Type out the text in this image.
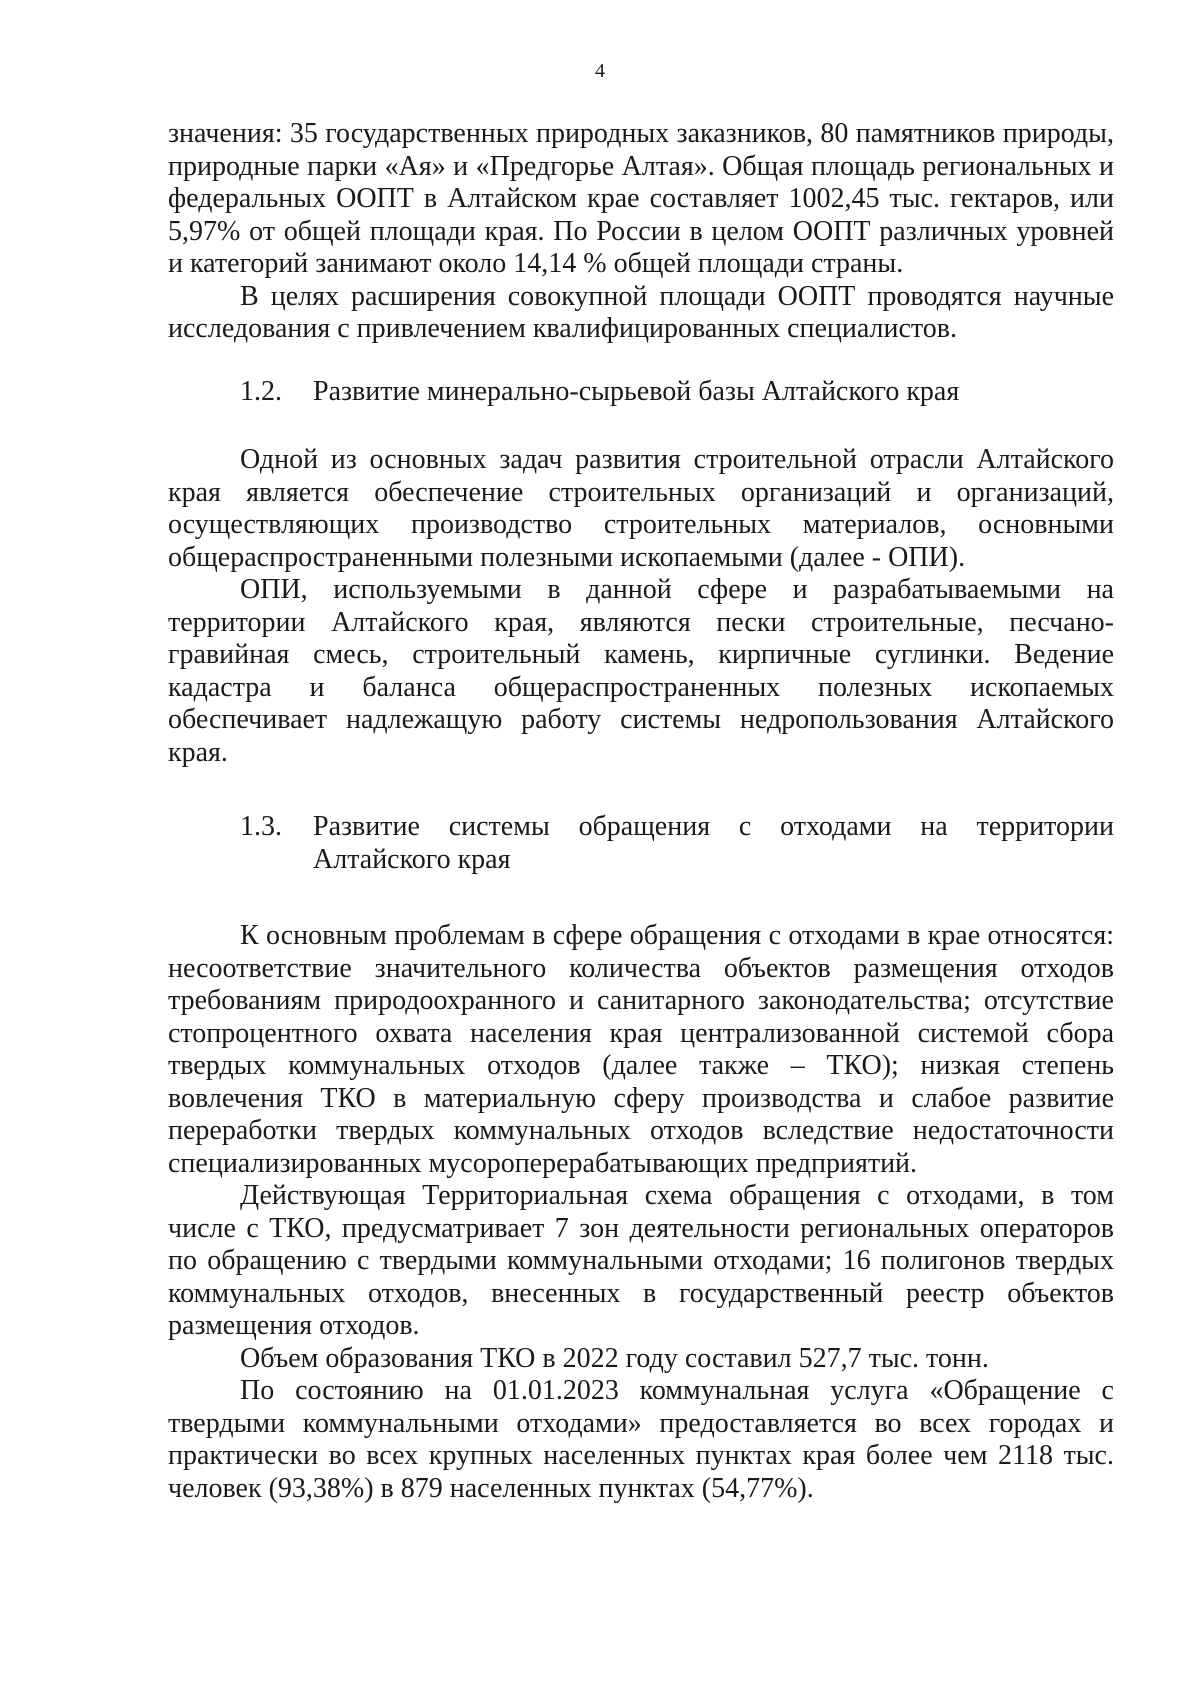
4

значения: 35 государственных природных заказников, 80 памятников природы, природные парки «Ая» и «Предгорье Алтая». Общая площадь региональных и федеральных ООПТ в Алтайском крае составляет 1002,45 тыс. гектаров, или 5,97% от общей площади края. По России в целом ООПТ различных уровней и категорий занимают около 14,14 % общей площади страны.

В целях расширения совокупной площади ООПТ проводятся научные исследования с привлечением квалифицированных специалистов.

1.2.	Развитие минерально-сырьевой базы Алтайского края

Одной из основных задач развития строительной отрасли Алтайского края является обеспечение строительных организаций и организаций, осуществляющих производство строительных материалов, основными общераспространенными полезными ископаемыми (далее - ОПИ).

ОПИ, используемыми в данной сфере и разрабатываемыми на территории Алтайского края, являются пески строительные, песчано-гравийная смесь, строительный камень, кирпичные суглинки. Ведение кадастра и баланса общераспространенных полезных ископаемых обеспечивает надлежащую работу системы недропользования Алтайского края.

1.3.	Развитие системы обращения с отходами на территории Алтайского края

К основным проблемам в сфере обращения с отходами в крае относятся: несоответствие значительного количества объектов размещения отходов требованиям природоохранного и санитарного законодательства; отсутствие стопроцентного охвата населения края централизованной системой сбора твердых коммунальных отходов (далее также – ТКО); низкая степень вовлечения ТКО в материальную сферу производства и слабое развитие переработки твердых коммунальных отходов вследствие недостаточности специализированных мусороперерабатывающих предприятий.

Действующая Территориальная схема обращения с отходами, в том числе с ТКО, предусматривает 7 зон деятельности региональных операторов по обращению с твердыми коммунальными отходами; 16 полигонов твердых коммунальных отходов, внесенных в государственный реестр объектов размещения отходов.

Объем образования ТКО в 2022 году составил 527,7 тыс. тонн.

По состоянию на 01.01.2023 коммунальная услуга «Обращение с твердыми коммунальными отходами» предоставляется во всех городах и практически во всех крупных населенных пунктах края более чем 2118 тыс. человек (93,38%) в 879 населенных пунктах (54,77%).
